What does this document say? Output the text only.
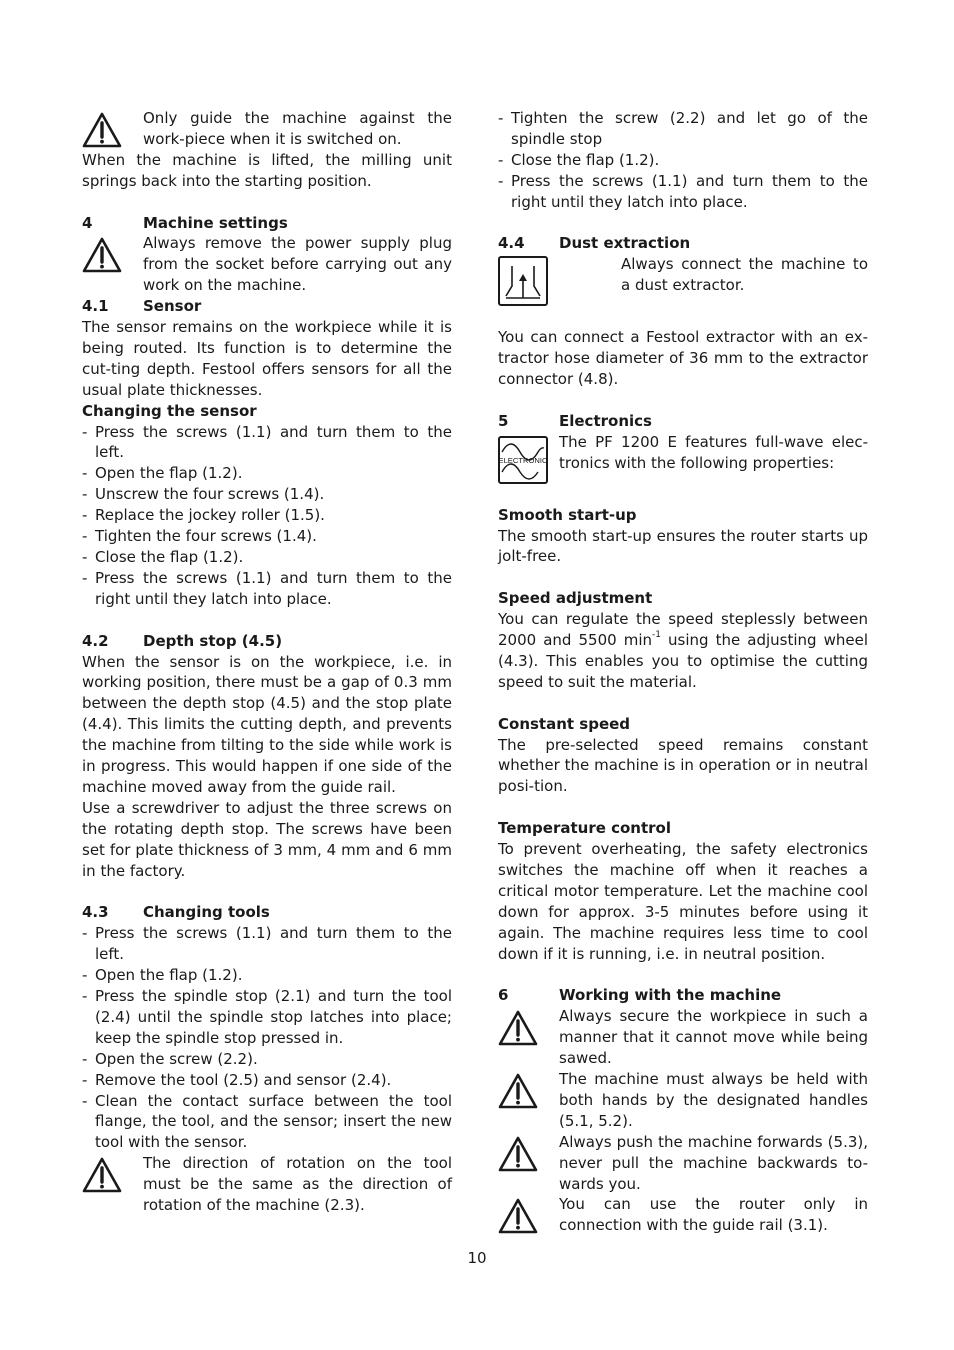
Only guide the machine against the work-piece when it is switched on.

When the machine is lifted, the milling unit springs back into the starting position.

4	Machine settings
Always remove the power supply plug from the socket before carrying out any work on the machine.
4.1	Sensor

The sensor remains on the workpiece while it is being routed. Its function is to determine the cut-ting depth. Festool offers sensors for all the usual plate thicknesses.

Changing the sensor
- Press the screws (1.1) and turn them to the left.
- Open the flap (1.2).
- Unscrew the four screws (1.4).
- Replace the jockey roller (1.5).
- Tighten the four screws (1.4).
- Close the flap (1.2).
- Press the screws (1.1) and turn them to the right until they latch into place.
4.2	Depth stop (4.5)

When the sensor is on the workpiece, i.e. in working position, there must be a gap of 0.3 mm between the depth stop (4.5) and the stop plate (4.4). This limits the cutting depth, and prevents the machine from tilting to the side while work is in progress. This would happen if one side of the machine moved away from the guide rail.

Use a screwdriver to adjust the three screws on the rotating depth stop. The screws have been set for plate thickness of 3 mm, 4 mm and 6 mm in the factory.

4.3	Changing tools
- Press the screws (1.1) and turn them to the left.
- Open the flap (1.2).
- Press the spindle stop (2.1) and turn the tool (2.4) until the spindle stop latches into place; keep the spindle stop pressed in.
- Open the screw (2.2).
- Remove the tool (2.5) and sensor (2.4).
- Clean the contact surface between the tool flange, the tool, and the sensor; insert the new tool with the sensor.
The direction of rotation on the tool must be the same as the direction of rotation of the machine (2.3).
- Tighten the screw (2.2) and let go of the spindle stop
- Close the flap (1.2).
- Press the screws (1.1) and turn them to the right until they latch into place.
4.4	Dust extraction
Always connect the machine to a dust extractor.

You can connect a Festool extractor with an ex-tractor hose diameter of 36 mm to the extractor connector (4.8).

5	Electronics
ELECTRONIC
The PF 1200 E features full-wave elec-tronics with the following properties:
Smooth start-up

The smooth start-up ensures the router starts up jolt-free.

Speed adjustment

You can regulate the speed steplessly between 2000 and 5500 $\min^{-1} using$ the adjusting wheel (4.3). This enables you to optimise the cutting speed to suit the material.

Constant speed

The pre-selected speed remains constant whether the machine is in operation or in neutral posi-tion.

Temperature control

To prevent overheating, the safety electronics switches the machine off when it reaches a critical motor temperature. Let the machine cool down for approx. 3-5 minutes before using it again. The machine requires less time to cool down if it is running, i.e. in neutral position.

6	Working with the machine
Always secure the workpiece in such a manner that it cannot move while being sawed.
The machine must always be held with both hands by the designated handles (5.1, 5.2).
Always push the machine forwards (5.3), never pull the machine backwards to-wards you.
You can use the router only in connection with the guide rail (3.1).
10
